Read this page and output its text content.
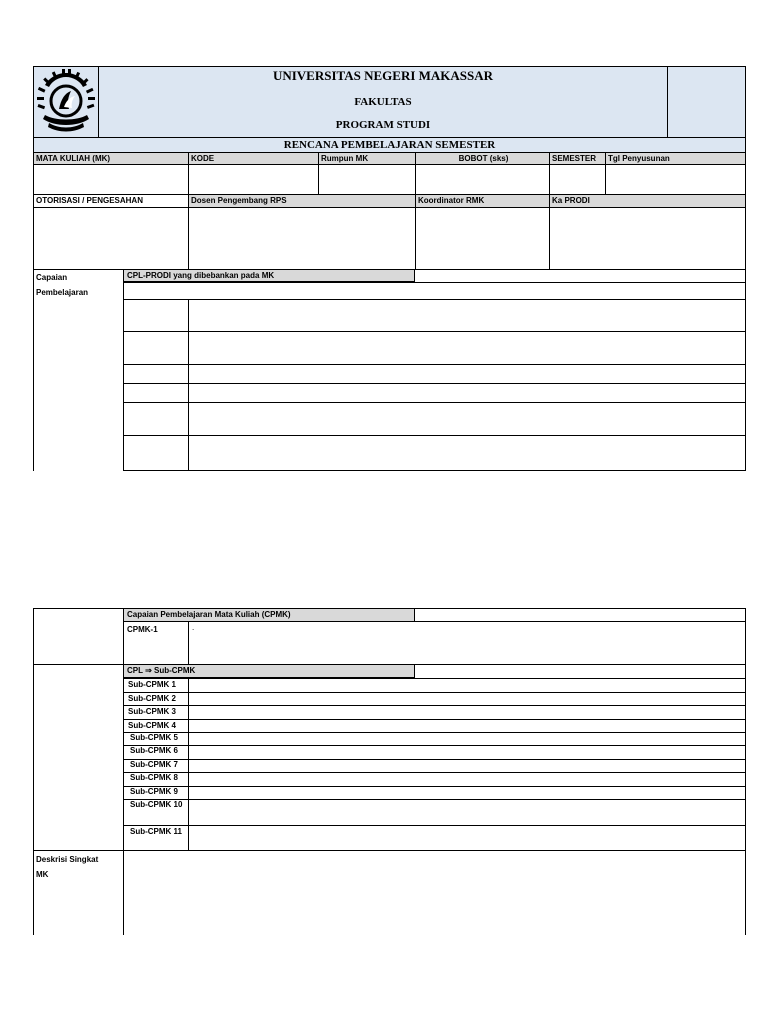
UNIVERSITAS NEGERI MAKASSAR
FAKULTAS
PROGRAM STUDI
RENCANA PEMBELAJARAN SEMESTER
MATA KULIAH (MK)	KODE	Rumpun MK	BOBOT (sks)	SEMESTER	Tgl Penyusunan
OTORISASI / PENGESAHAN	Dosen Pengembang RPS	Koordinator RMK	Ka PRODI
Capaian
Pembelajaran
CPL-PRODI yang dibebankan pada MK
Capaian Pembelajaran Mata Kuliah (CPMK)
CPMK-1	.
CPL ⇒ Sub-CPMK
Sub-CPMK 1
Sub-CPMK 2
Sub-CPMK 3
Sub-CPMK 4
Sub-CPMK 5
Sub-CPMK 6
Sub-CPMK 7
Sub-CPMK 8
Sub-CPMK 9
Sub-CPMK 10
Sub-CPMK 11
Deskrisi Singkat
MK
